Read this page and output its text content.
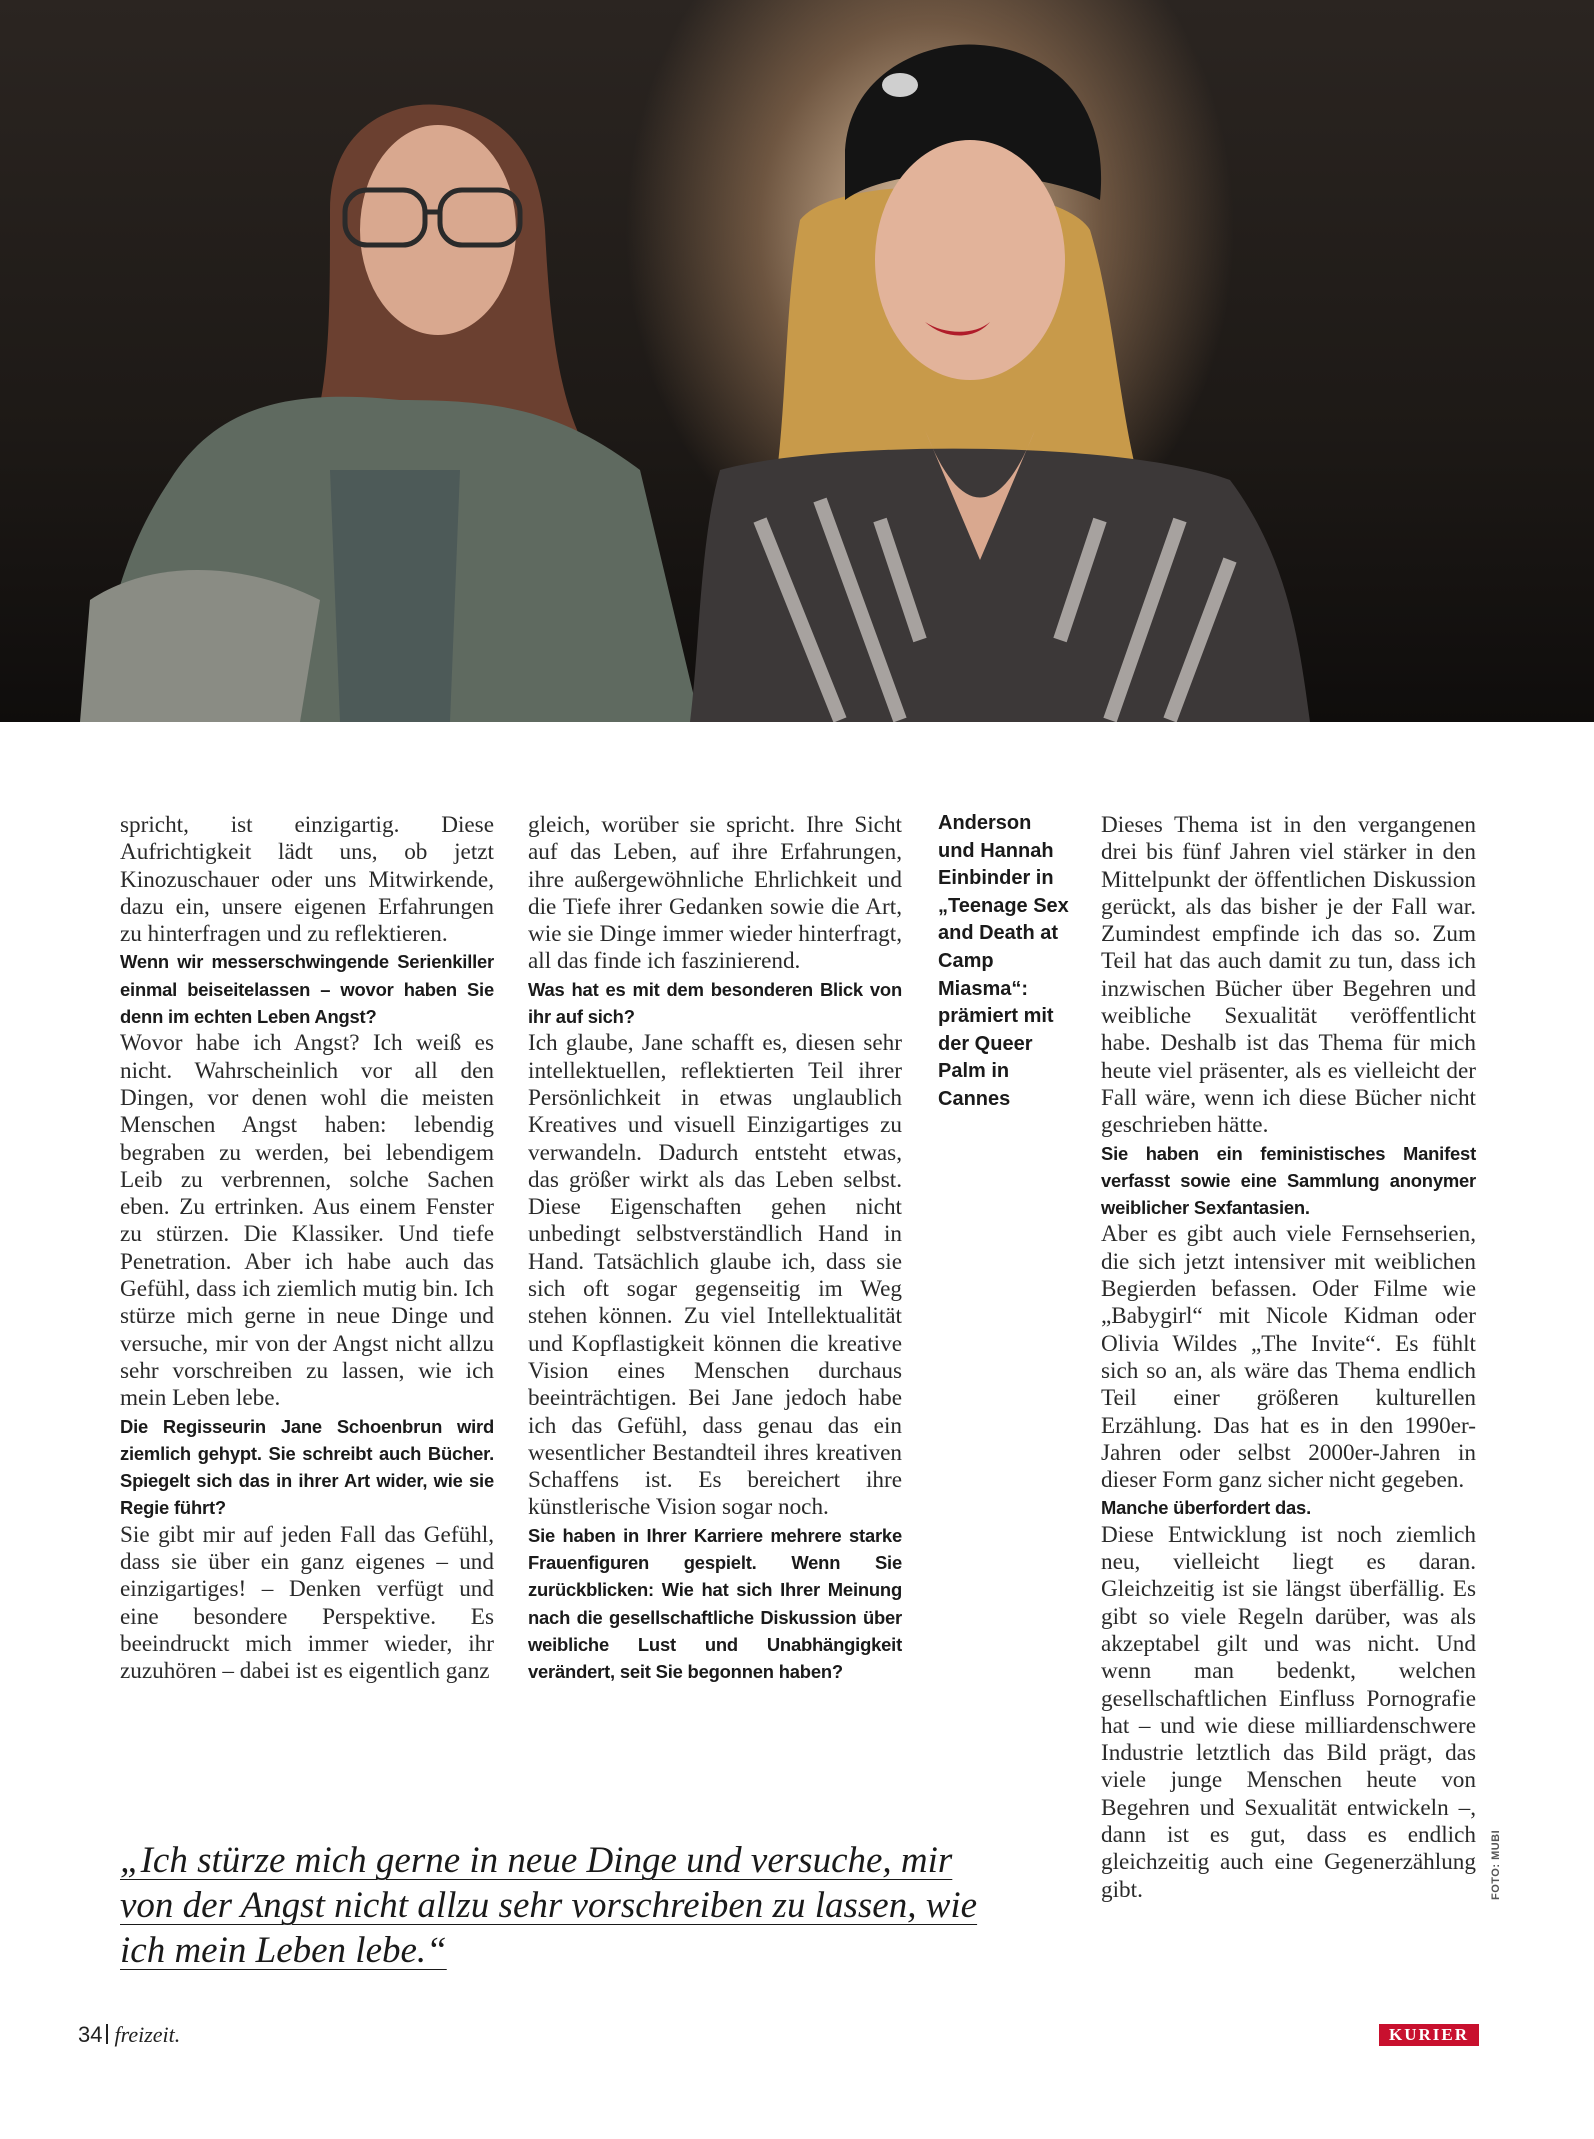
spricht, ist einzigartig. Diese Aufrichtigkeit lädt uns, ob jetzt Kinozuschauer oder uns Mitwirkende, dazu ein, unsere eigenen Erfahrungen zu hinterfragen und zu reflektieren.

Wenn wir messerschwingende Serienkiller einmal beiseitelassen – wovor haben Sie denn im echten Leben Angst?

Wovor habe ich Angst? Ich weiß es nicht. Wahrscheinlich vor all den Dingen, vor denen wohl die meisten Menschen Angst haben: lebendig begraben zu werden, bei lebendigem Leib zu verbrennen, solche Sachen eben. Zu ertrinken. Aus einem Fenster zu stürzen. Die Klassiker. Und tiefe Penetration. Aber ich habe auch das Gefühl, dass ich ziemlich mutig bin. Ich stürze mich gerne in neue Dinge und versuche, mir von der Angst nicht allzu sehr vorschreiben zu lassen, wie ich mein Leben lebe.

Die Regisseurin Jane Schoenbrun wird ziemlich gehypt. Sie schreibt auch Bücher. Spiegelt sich das in ihrer Art wider, wie sie Regie führt?

Sie gibt mir auf jeden Fall das Gefühl, dass sie über ein ganz eigenes – und einzigartiges! – Denken verfügt und eine besondere Perspektive. Es beeindruckt mich immer wieder, ihr zuzuhören – dabei ist es eigentlich ganz

gleich, worüber sie spricht. Ihre Sicht auf das Leben, auf ihre Erfahrungen, ihre außergewöhnliche Ehrlichkeit und die Tiefe ihrer Gedanken sowie die Art, wie sie Dinge immer wieder hinterfragt, all das finde ich faszinierend.

Was hat es mit dem besonderen Blick von ihr auf sich?

Ich glaube, Jane schafft es, diesen sehr intellektuellen, reflektierten Teil ihrer Persönlichkeit in etwas unglaublich Kreatives und visuell Einzigartiges zu verwandeln. Dadurch entsteht etwas, das größer wirkt als das Leben selbst. Diese Eigenschaften gehen nicht unbedingt selbstverständlich Hand in Hand. Tatsächlich glaube ich, dass sie sich oft sogar gegenseitig im Weg stehen können. Zu viel Intellektualität und Kopflastigkeit können die kreative Vision eines Menschen durchaus beeinträchtigen. Bei Jane jedoch habe ich das Gefühl, dass genau das ein wesentlicher Bestandteil ihres kreativen Schaffens ist. Es bereichert ihre künstlerische Vision sogar noch.

Sie haben in Ihrer Karriere mehrere starke Frauenfiguren gespielt. Wenn Sie zurückblicken: Wie hat sich Ihrer Meinung nach die gesellschaftliche Diskussion über weibliche Lust und Unabhängigkeit verändert, seit Sie begonnen haben?

Anderson und Hannah Einbinder in „Teenage Sex and Death at Camp Miasma“: prämiert mit der Queer Palm in Cannes

Dieses Thema ist in den vergangenen drei bis fünf Jahren viel stärker in den Mittelpunkt der öffentlichen Diskussion gerückt, als das bisher je der Fall war. Zumindest empfinde ich das so. Zum Teil hat das auch damit zu tun, dass ich inzwischen Bücher über Begehren und weibliche Sexualität veröffentlicht habe. Deshalb ist das Thema für mich heute viel präsenter, als es vielleicht der Fall wäre, wenn ich diese Bücher nicht geschrieben hätte.

Sie haben ein feministisches Manifest verfasst sowie eine Sammlung anonymer weiblicher Sexfantasien.

Aber es gibt auch viele Fernsehserien, die sich jetzt intensiver mit weiblichen Begierden befassen. Oder Filme wie „Babygirl“ mit Nicole Kidman oder Olivia Wildes „The Invite“. Es fühlt sich so an, als wäre das Thema endlich Teil einer größeren kulturellen Erzählung. Das hat es in den 1990er-Jahren oder selbst 2000er-Jahren in dieser Form ganz sicher nicht gegeben.

Manche überfordert das.

Diese Entwicklung ist noch ziemlich neu, vielleicht liegt es daran. Gleichzeitig ist sie längst überfällig. Es gibt so viele Regeln darüber, was als akzeptabel gilt und was nicht. Und wenn man bedenkt, welchen gesellschaftlichen Einfluss Pornografie hat – und wie diese milliardenschwere Industrie letztlich das Bild prägt, das viele junge Menschen heute von Begehren und Sexualität entwickeln –, dann ist es gut, dass es endlich gleichzeitig auch eine Gegenerzählung gibt.

„Ich stürze mich gerne in neue Dinge und versuche, mir von der Angst nicht allzu sehr vorschreiben zu lassen, wie ich mein Leben lebe.“
FOTO: MUBI
34 freizeit.	KURIER
